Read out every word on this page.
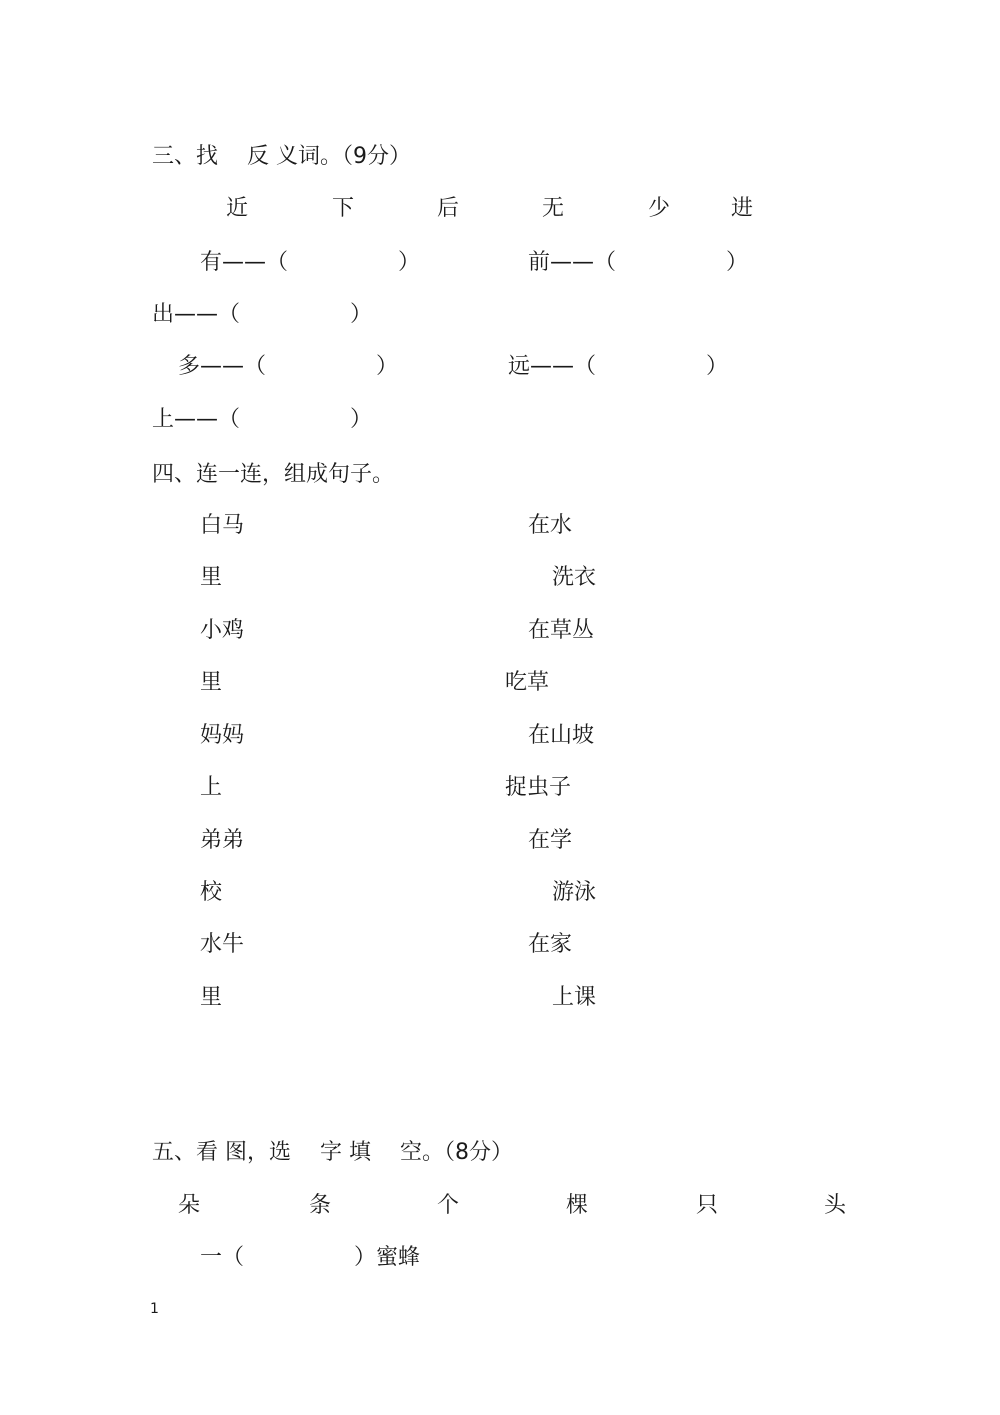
三、找　 反 义词。（9分）
近	下	后	无	少	进
有——（　　　　　）	前——（　　　　　）
出——（　　　　　）
多——（　　　　　）	远——（　　　　　）
上——（　　　　　）
四、连一连，组成句子。
白马	在水
里	洗衣
小鸡	在草丛
里	吃草
妈妈	在山坡
上	捉虫子
弟弟	在学
校	游泳
水牛	在家
里	上课
五、看 图，选　 字 填　 空。（8分）
朵	条	个	棵	只	头
一（　　　　　）蜜蜂
1
